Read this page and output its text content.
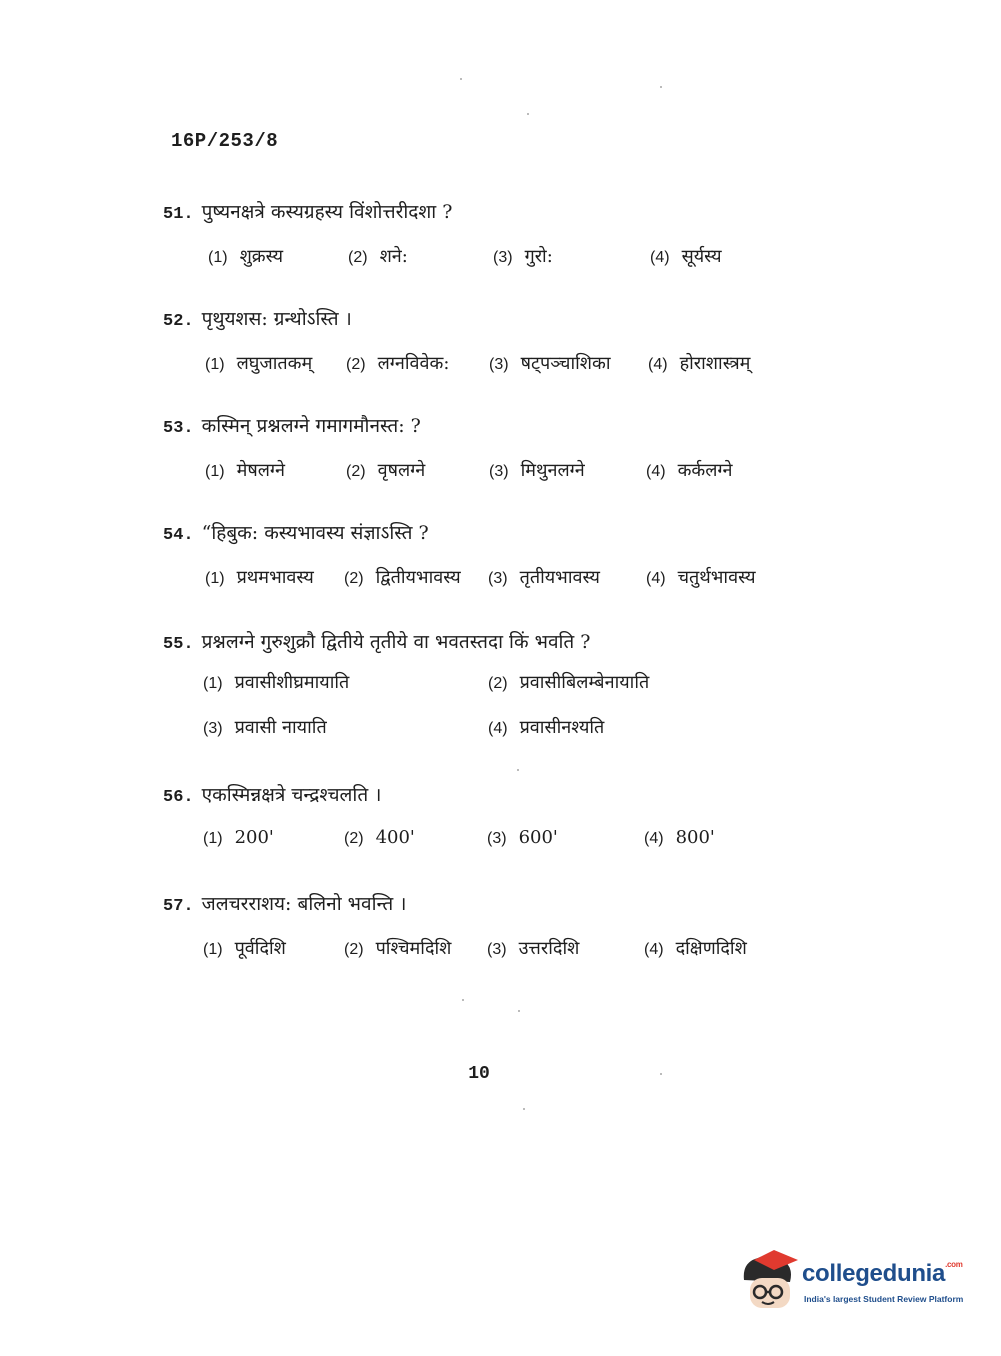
16P/253/8
51. पुष्यनक्षत्रे कस्यग्रहस्य विंशोत्तरीदशा ?
(1) शुक्रस्य	(2) शने:	(3) गुरो:	(4) सूर्यस्य
52. पृथुयशस: ग्रन्थोऽस्ति ।
(1) लघुजातकम् (2) लग्नविवेक: (3) षट्पञ्चाशिका (4) होराशास्त्रम्
53. कस्मिन् प्रश्नलग्ने गमागमौनस्त: ?
(1) मेषलग्ने	(2) वृषलग्ने	(3) मिथुनलग्ने	(4) कर्कलग्ने
54. “हिबुक: कस्यभावस्य संज्ञाऽस्ति ?
(1) प्रथमभावस्य (2) द्वितीयभावस्य (3) तृतीयभावस्य	(4) चतुर्थभावस्य
55. प्रश्नलग्ने गुरुशुक्रौ द्वितीये तृतीये वा भवतस्तदा किं भवति ?
(1) प्रवासीशीघ्रमायाति	(2) प्रवासीबिलम्बेनायाति
(3) प्रवासी नायाति	(4) प्रवासीनश्यति
56. एकस्मिन्नक्षत्रे चन्द्रश्चलति ।
(1) 200'	(2) 400'	(3) 600'	(4) 800'
57. जलचरराशय: बलिनो भवन्ति ।
(1) पूर्वदिशि	(2) पश्चिमदिशि (3) उत्तरदिशि	(4) दक्षिणदिशि
10
collegedunia$^{.com}$
India's largest Student Review Platform
